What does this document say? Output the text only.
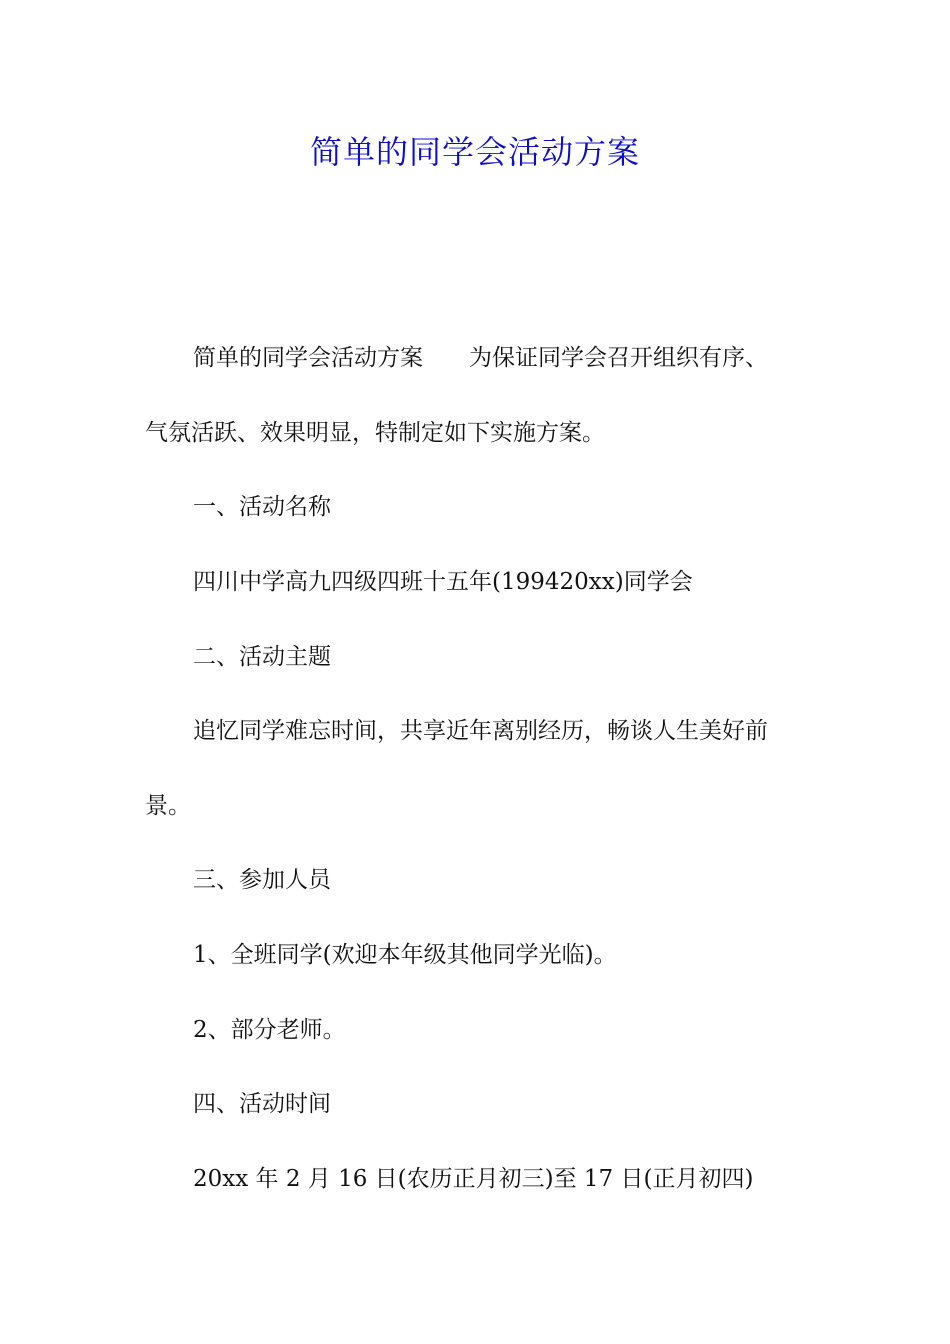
简单的同学会活动方案
简单的同学会活动方案　　为保证同学会召开组织有序、
气氛活跃、效果明显，特制定如下实施方案。
一、活动名称
四川中学高九四级四班十五年(199420xx)同学会
二、活动主题
追忆同学难忘时间，共享近年离别经历，畅谈人生美好前
景。
三、参加人员
1、全班同学(欢迎本年级其他同学光临)。
2、部分老师。
四、活动时间
20xx 年 2 月 16 日(农历正月初三)至 17 日(正月初四)
